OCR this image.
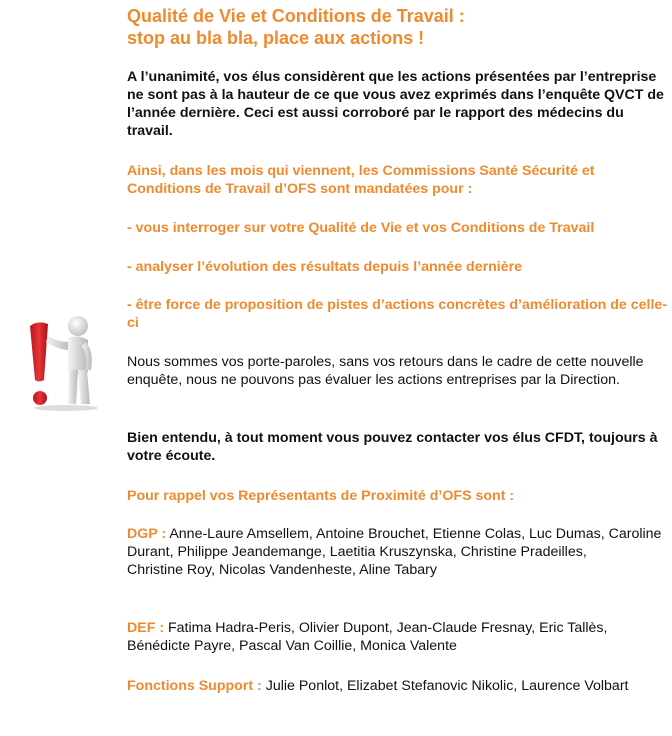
Qualité de Vie et Conditions de Travail :
stop au bla bla, place aux actions !
A l’unanimité, vos élus considèrent que les actions présentées par l’entreprise ne sont pas à la hauteur de ce que vous avez exprimés dans l’enquête QVCT de l’année dernière. Ceci est aussi corroboré par le rapport des médecins du travail.
Ainsi, dans les mois qui viennent, les Commissions Santé Sécurité et Conditions de Travail d’OFS sont mandatées pour :
- vous interroger sur votre Qualité de Vie et vos Conditions de Travail
- analyser l’évolution des résultats depuis l’année dernière
- être force de proposition de pistes d’actions concrètes d’amélioration de celle-ci
Nous sommes vos porte-paroles, sans vos retours dans le cadre de cette nouvelle enquête, nous ne pouvons pas évaluer les actions entreprises par la Direction.
Bien entendu, à tout moment vous pouvez contacter vos élus CFDT, toujours à votre écoute.
Pour rappel vos Représentants de Proximité d’OFS sont :
DGP : Anne-Laure Amsellem, Antoine Brouchet, Etienne Colas, Luc Dumas, Caroline Durant, Philippe Jeandemange, Laetitia Kruszynska, Christine Pradeilles,
Christine Roy, Nicolas Vandenheste, Aline Tabary
DEF : Fatima Hadra-Peris, Olivier Dupont, Jean-Claude Fresnay, Eric Tallès, Bénédicte Payre, Pascal Van Coillie, Monica Valente
Fonctions Support : Julie Ponlot, Elizabet Stefanovic Nikolic, Laurence Volbart
